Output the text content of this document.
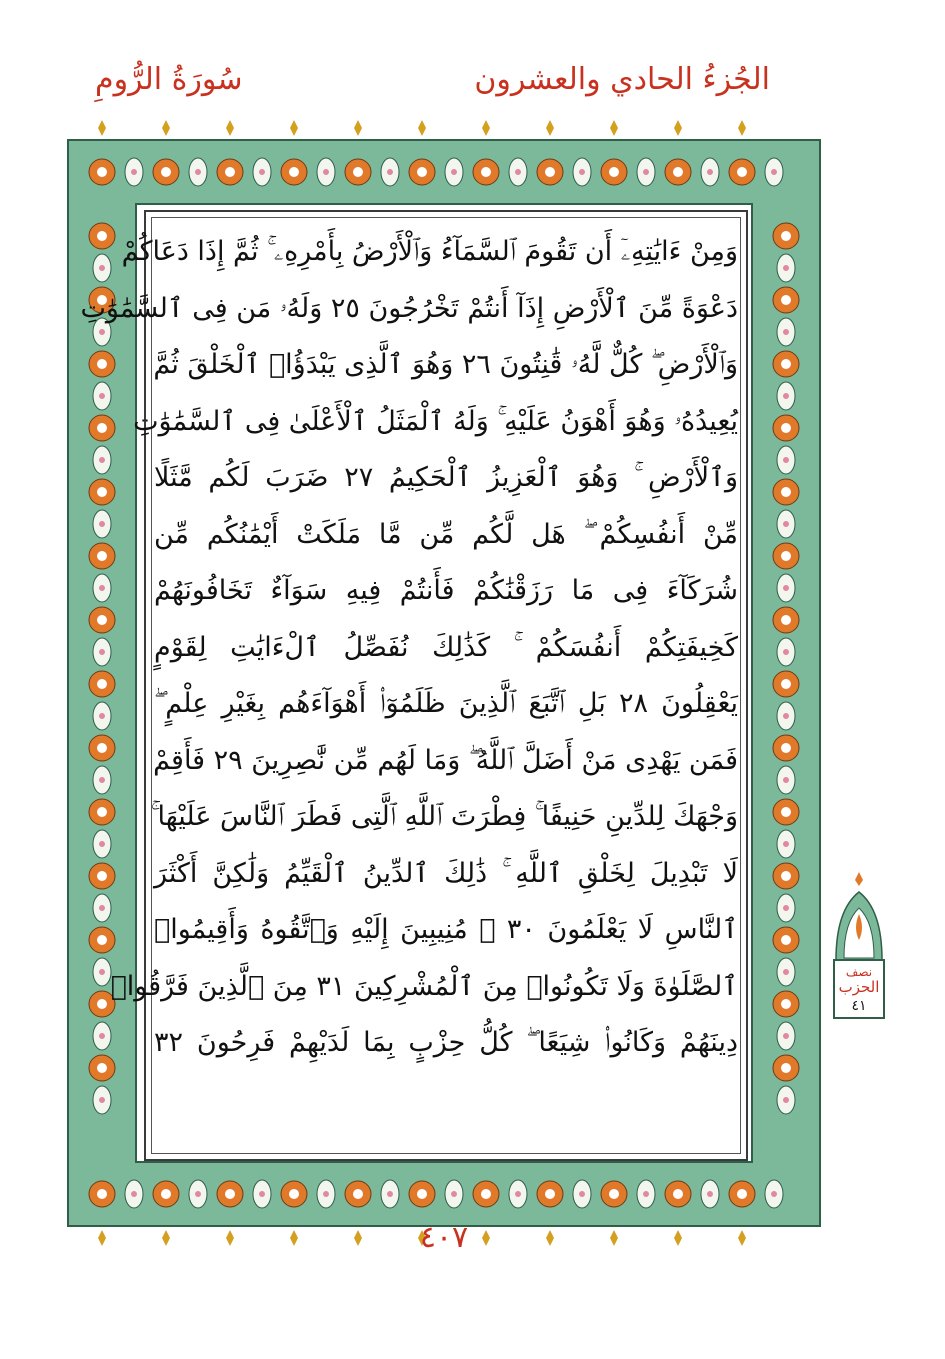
سُورَةُ الرُّومِ	الجُزءُ الحادي والعشرون
وَمِنْ ءَايَٰتِهِۦٓ أَن تَقُومَ ٱلسَّمَآءُ وَٱلْأَرْضُ بِأَمْرِهِۦ ۚ ثُمَّ إِذَا دَعَاكُمْ
دَعْوَةً مِّنَ ٱلْأَرْضِ إِذَآ أَنتُمْ تَخْرُجُونَ ٢٥ وَلَهُۥ مَن فِى ٱلسَّمَٰوَٰتِ
وَٱلْأَرْضِ ۖ كُلٌّ لَّهُۥ قَٰنِتُونَ ٢٦ وَهُوَ ٱلَّذِى يَبْدَؤُا۟ ٱلْخَلْقَ ثُمَّ
يُعِيدُهُۥ وَهُوَ أَهْوَنُ عَلَيْهِ ۚ وَلَهُ ٱلْمَثَلُ ٱلْأَعْلَىٰ فِى ٱلسَّمَٰوَٰتِ
وَٱلْأَرْضِ ۚ وَهُوَ ٱلْعَزِيزُ ٱلْحَكِيمُ ٢٧ ضَرَبَ لَكُم مَّثَلًا
مِّنْ أَنفُسِكُمْ ۖ هَل لَّكُم مِّن مَّا مَلَكَتْ أَيْمَٰنُكُم مِّن
شُرَكَآءَ فِى مَا رَزَقْنَٰكُمْ فَأَنتُمْ فِيهِ سَوَآءٌ تَخَافُونَهُمْ
كَخِيفَتِكُمْ أَنفُسَكُمْ ۚ كَذَٰلِكَ نُفَصِّلُ ٱلْءَايَٰتِ لِقَوْمٍ
يَعْقِلُونَ ٢٨ بَلِ ٱتَّبَعَ ٱلَّذِينَ ظَلَمُوٓا۟ أَهْوَآءَهُم بِغَيْرِ عِلْمٍ ۖ
فَمَن يَهْدِى مَنْ أَضَلَّ ٱللَّهُ ۖ وَمَا لَهُم مِّن نَّٰصِرِينَ ٢٩ فَأَقِمْ
وَجْهَكَ لِلدِّينِ حَنِيفًا ۚ فِطْرَتَ ٱللَّهِ ٱلَّتِى فَطَرَ ٱلنَّاسَ عَلَيْهَا ۚ
لَا تَبْدِيلَ لِخَلْقِ ٱللَّهِ ۚ ذَٰلِكَ ٱلدِّينُ ٱلْقَيِّمُ وَلَٰكِنَّ أَكْثَرَ
ٱلنَّاسِ لَا يَعْلَمُونَ ٣٠ ۞ مُنِيبِينَ إِلَيْهِ وَٱتَّقُوهُ وَأَقِيمُوا۟
ٱلصَّلَوٰةَ وَلَا تَكُونُوا۟ مِنَ ٱلْمُشْرِكِينَ ٣١ مِنَ ٱلَّذِينَ فَرَّقُوا۟
دِينَهُمْ وَكَانُوا۟ شِيَعًا ۖ كُلُّ حِزْبٍ بِمَا لَدَيْهِمْ فَرِحُونَ ٣٢
نصف
الحزب
٤١
٤٠٧
